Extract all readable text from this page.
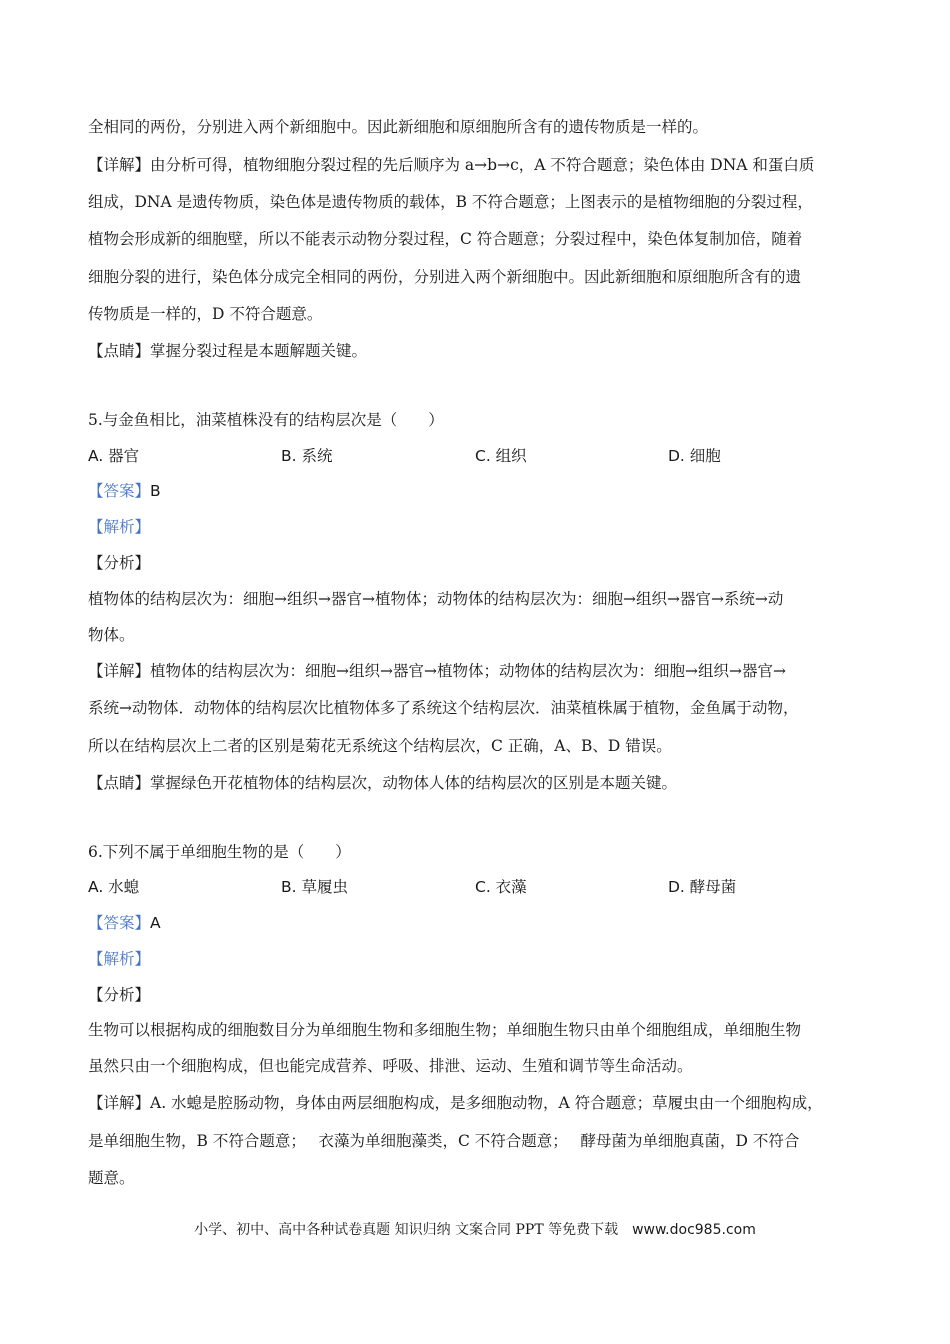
全相同的两份，分别进入两个新细胞中。因此新细胞和原细胞所含有的遗传物质是一样的。
【详解】由分析可得，植物细胞分裂过程的先后顺序为 a→b→c，A 不符合题意；染色体由 DNA 和蛋白质
组成，DNA 是遗传物质，染色体是遗传物质的载体，B 不符合题意；上图表示的是植物细胞的分裂过程，
植物会形成新的细胞壁，所以不能表示动物分裂过程，C 符合题意；分裂过程中，染色体复制加倍，随着
细胞分裂的进行，染色体分成完全相同的两份，分别进入两个新细胞中。因此新细胞和原细胞所含有的遗
传物质是一样的，D 不符合题意。
【点睛】掌握分裂过程是本题解题关键。
5.与金鱼相比，油菜植株没有的结构层次是（　　）
A. 器官	B. 系统	C. 组织	D. 细胞
【答案】B
【解析】
【分析】
植物体的结构层次为：细胞→组织→器官→植物体；动物体的结构层次为：细胞→组织→器官→系统→动
物体。
【详解】植物体的结构层次为：细胞→组织→器官→植物体；动物体的结构层次为：细胞→组织→器官→
系统→动物体．动物体的结构层次比植物体多了系统这个结构层次．油菜植株属于植物，金鱼属于动物，
所以在结构层次上二者的区别是菊花无系统这个结构层次，C 正确，A、B、D 错误。
【点睛】掌握绿色开花植物体的结构层次，动物体人体的结构层次的区别是本题关键。
6.下列不属于单细胞生物的是（　　）
A. 水螅	B. 草履虫	C. 衣藻	D. 酵母菌
【答案】A
【解析】
【分析】
生物可以根据构成的细胞数目分为单细胞生物和多细胞生物；单细胞生物只由单个细胞组成，单细胞生物
虽然只由一个细胞构成，但也能完成营养、呼吸、排泄、运动、生殖和调节等生命活动。
【详解】A. 水螅是腔肠动物，身体由两层细胞构成，是多细胞动物，A 符合题意；草履虫由一个细胞构成，
是单细胞生物，B 不符合题意；　 衣藻为单细胞藻类，C 不符合题意；　 酵母菌为单细胞真菌，D 不符合
题意。
小学、初中、高中各种试卷真题 知识归纳 文案合同 PPT 等免费下载　www.doc985.com
